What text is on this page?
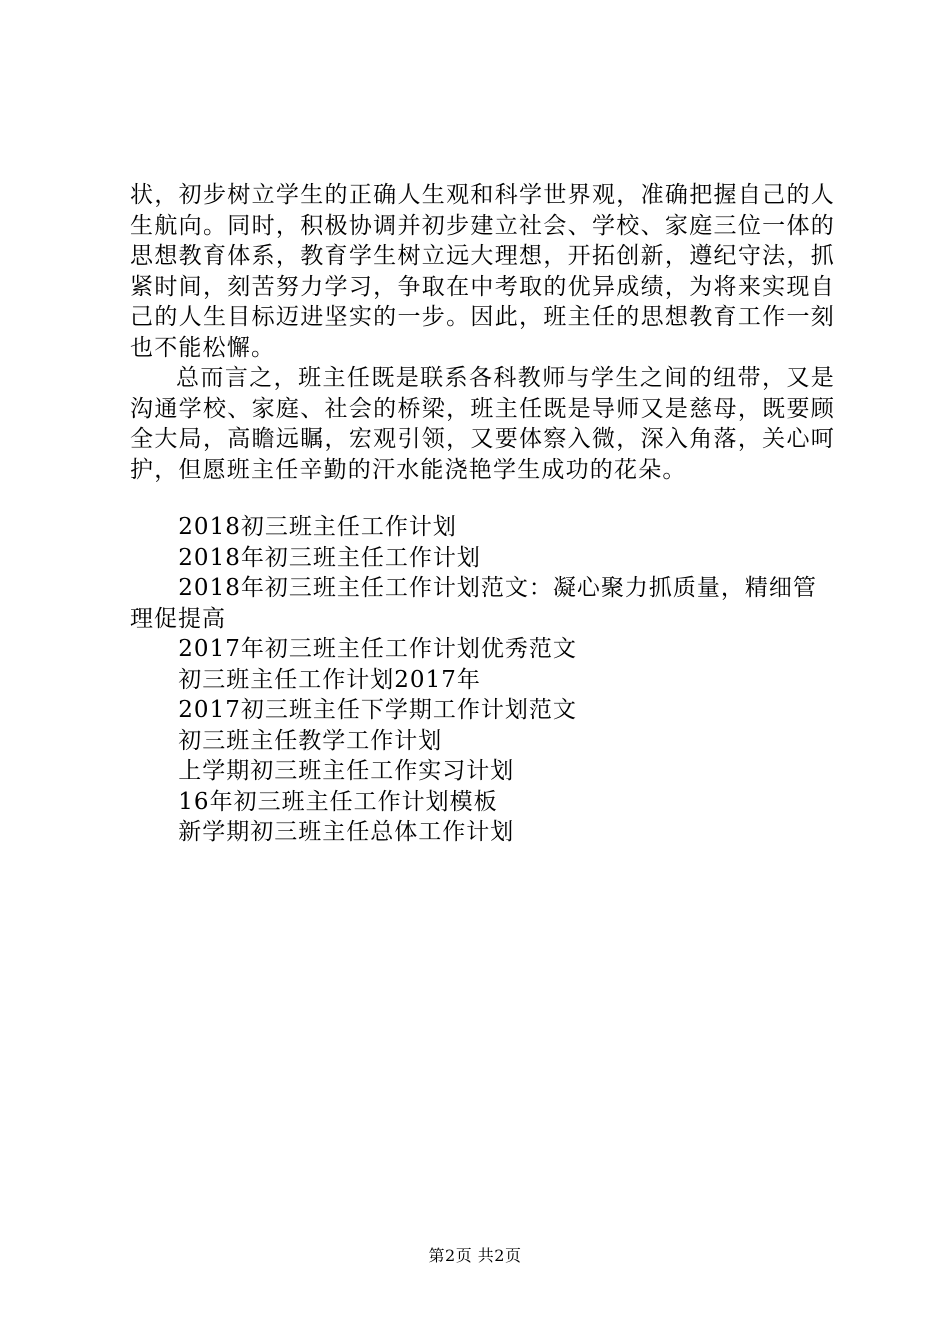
状，初步树立学生的正确人生观和科学世界观，准确把握自己的人生航向。同时，积极协调并初步建立社会、学校、家庭三位一体的思想教育体系，教育学生树立远大理想，开拓创新，遵纪守法，抓紧时间，刻苦努力学习，争取在中考取的优异成绩，为将来实现自己的人生目标迈进坚实的一步。因此，班主任的思想教育工作一刻也不能松懈。

总而言之，班主任既是联系各科教师与学生之间的纽带，又是沟通学校、家庭、社会的桥梁，班主任既是导师又是慈母，既要顾全大局，高瞻远瞩，宏观引领，又要体察入微，深入角落，关心呵护，但愿班主任辛勤的汗水能浇艳学生成功的花朵。

2018初三班主任工作计划
2018年初三班主任工作计划
2018年初三班主任工作计划范文：凝心聚力抓质量，精细管理促提高
2017年初三班主任工作计划优秀范文
初三班主任工作计划2017年
2017初三班主任下学期工作计划范文
初三班主任教学工作计划
上学期初三班主任工作实习计划
16年初三班主任工作计划模板
新学期初三班主任总体工作计划
第2页 共2页
